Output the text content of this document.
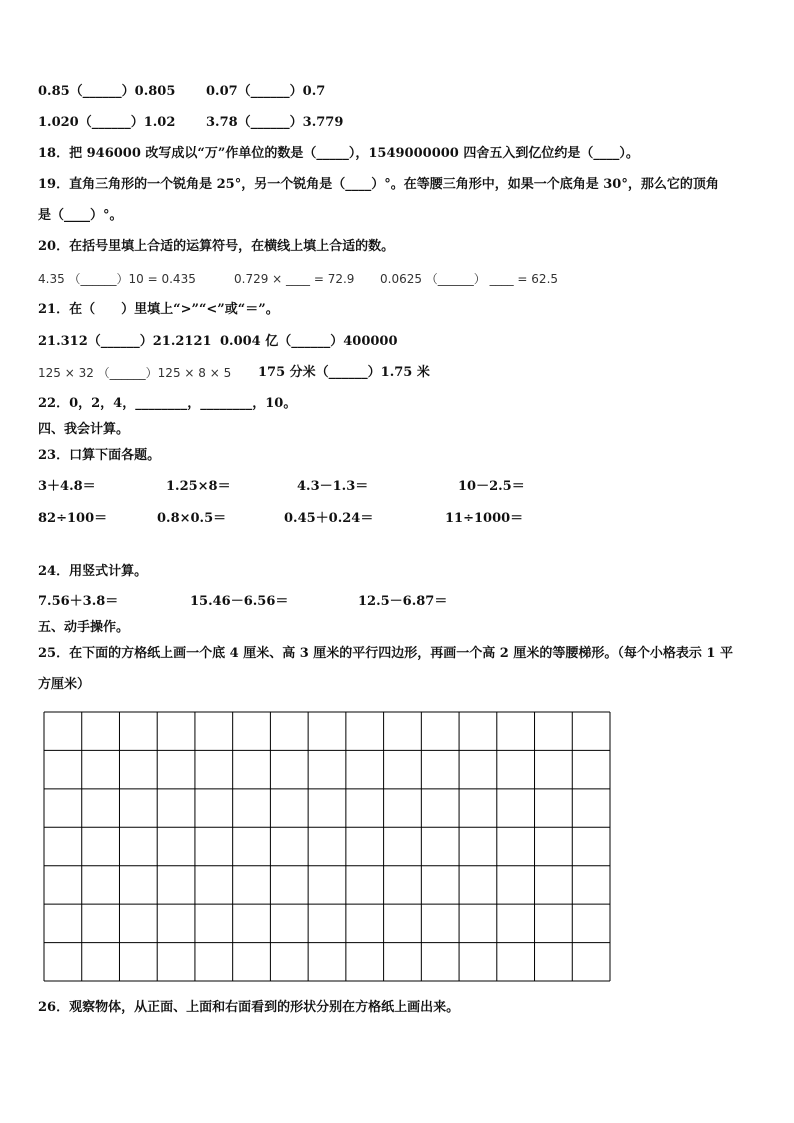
0.85（______）0.805 0.07（______）0.7
1.020（______）1.02 3.78（______）3.779
18．把 946000 改写成以“万”作单位的数是（_____），1549000000 四舍五入到亿位约是（____）。
19．直角三角形的一个锐角是 25°，另一个锐角是（____）°。在等腰三角形中，如果一个底角是 30°，那么它的顶角
是（____）°。
20．在括号里填上合适的运算符号，在横线上填上合适的数。
4.35 （______）10 = 0.435	0.729 × ____ = 72.9 0.0625 （______） ____ = 62.5
21．在（　　）里填上“>”“<”或“＝”。
21.312（______）21.2121 0.004 亿（______）400000
125 × 32 （______）125 × 8 × 5 175 分米（______）1.75 米
22．0，2，4，________，________，10。
四、我会计算。
23．口算下面各题。
3＋4.8＝	1.25×8＝	4.3－1.3＝	10－2.5＝
82÷100＝	0.8×0.5＝	0.45＋0.24＝	11÷1000＝
24．用竖式计算。
7.56＋3.8＝	15.46－6.56＝	12.5－6.87＝
五、动手操作。
25．在下面的方格纸上画一个底 4 厘米、高 3 厘米的平行四边形，再画一个高 2 厘米的等腰梯形。（每个小格表示 1 平
方厘米）
26．观察物体，从正面、上面和右面看到的形状分别在方格纸上画出来。
